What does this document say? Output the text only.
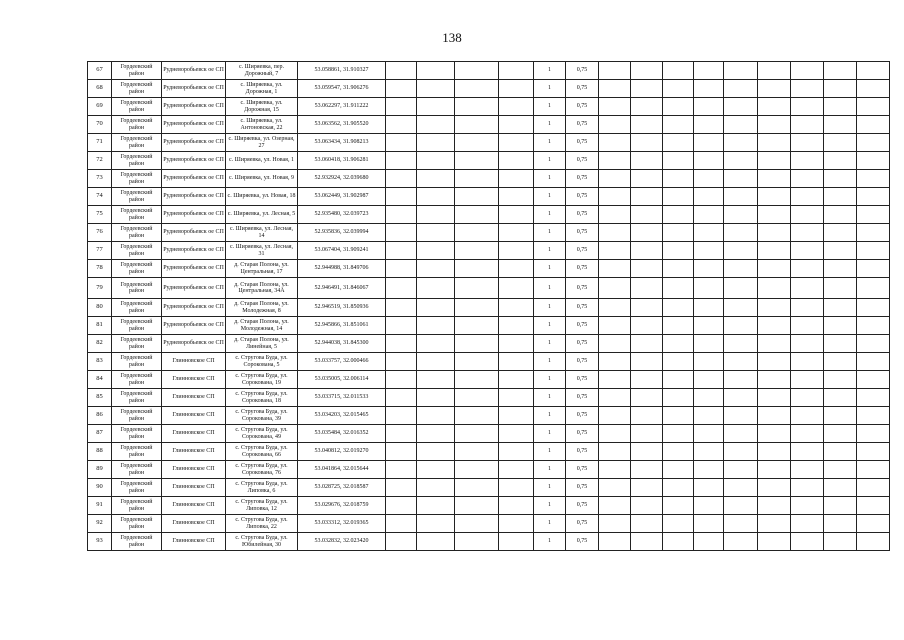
138
67	Гордеевский район	Рудневоробьевск ое СП	с. Ширяевка, пер. Дорожный, 7	53.058861, 31.910327					1	0,75									
68	Гордеевский район	Рудневоробьевск ое СП	с. Ширяевка, ул. Дорожная, 1	53.059547, 31.906276					1	0,75									
69	Гордеевский район	Рудневоробьевск ое СП	с. Ширяевка, ул. Дорожная, 15	53.062297, 31.911222					1	0,75									
70	Гордеевский район	Рудневоробьевск ое СП	с. Ширяевка, ул. Антоновская, 22	53.063562, 31.905520					1	0,75									
71	Гордеевский район	Рудневоробьевск ое СП	с. Ширяевка, ул. Озерная, 27	53.063434, 31.908213					1	0,75									
72	Гордеевский район	Рудневоробьевск ое СП	с. Ширяевка, ул. Новая, 1	53.060418, 31.906281					1	0,75									
73	Гордеевский район	Рудневоробьевск ое СП	с. Ширяевка, ул. Новая, 9	52.932924, 32.039680					1	0,75									
74	Гордеевский район	Рудневоробьевск ое СП	с. Ширяевка, ул. Новая, 18	53.062449, 31.902987					1	0,75									
75	Гордеевский район	Рудневоробьевск ое СП	с. Ширяевка, ул. Лесная, 5	52.935480, 32.039723					1	0,75									
76	Гордеевский район	Рудневоробьевск ое СП	с. Ширяевка, ул. Лесная, 14	52.935836, 32.039994					1	0,75									
77	Гордеевский район	Рудневоробьевск ое СП	с. Ширяевка, ул. Лесная, 31	53.067404, 31.909241					1	0,75									
78	Гордеевский район	Рудневоробьевск ое СП	д. Старая Полона, ул. Центральная, 17	52.944988, 31.849706					1	0,75									
79	Гордеевский район	Рудневоробьевск ое СП	д. Старая Полона, ул. Центральная, 34А	52.946491, 31.846067					1	0,75									
80	Гордеевский район	Рудневоробьевск ое СП	д. Старая Полона, ул. Молодежная, 8	52.946519, 31.850936					1	0,75									
81	Гордеевский район	Рудневоробьевск ое СП	д. Старая Полона, ул. Молодежная, 14	52.945866, 31.851061					1	0,75									
82	Гордеевский район	Рудневоробьевск ое СП	д. Старая Полона, ул. Линейная, 5	52.944038, 31.845300					1	0,75									
83	Гордеевский район	Глинновское СП	с. Стругова Буда, ул. Сорокована, 5	53.033757, 32.000466					1	0,75									
84	Гордеевский район	Глинновское СП	с. Стругова Буда, ул. Сорокована, 19	53.035005, 32.006114					1	0,75									
85	Гордеевский район	Глинновское СП	с. Стругова Буда, ул. Сорокована, 18	53.033715, 32.011533					1	0,75									
86	Гордеевский район	Глинновское СП	с. Стругова Буда, ул. Сорокована, 39	53.034203, 32.015465					1	0,75									
87	Гордеевский район	Глинновское СП	с. Стругова Буда, ул. Сорокована, 49	53.035484, 32.016352					1	0,75									
88	Гордеевский район	Глинновское СП	с. Стругова Буда, ул. Сорокована, 66	53.040812, 32.019270					1	0,75									
89	Гордеевский район	Глинновское СП	с. Стругова Буда, ул. Сорокована, 76	53.041864, 32.015644					1	0,75									
90	Гордеевский район	Глинновское СП	с. Стругова Буда, ул. Липовка, 6	53.028725, 32.018587					1	0,75									
91	Гордеевский район	Глинновское СП	с. Стругова Буда, ул. Липовка, 12	53.029676, 32.018759					1	0,75									
92	Гордеевский район	Глинновское СП	с. Стругова Буда, ул. Липовка, 22	53.033312, 32.019365					1	0,75									
93	Гордеевский район	Глинновское СП	с. Стругова Буда, ул. Юбилейная, 30	53.032832, 32.023420					1	0,75									
